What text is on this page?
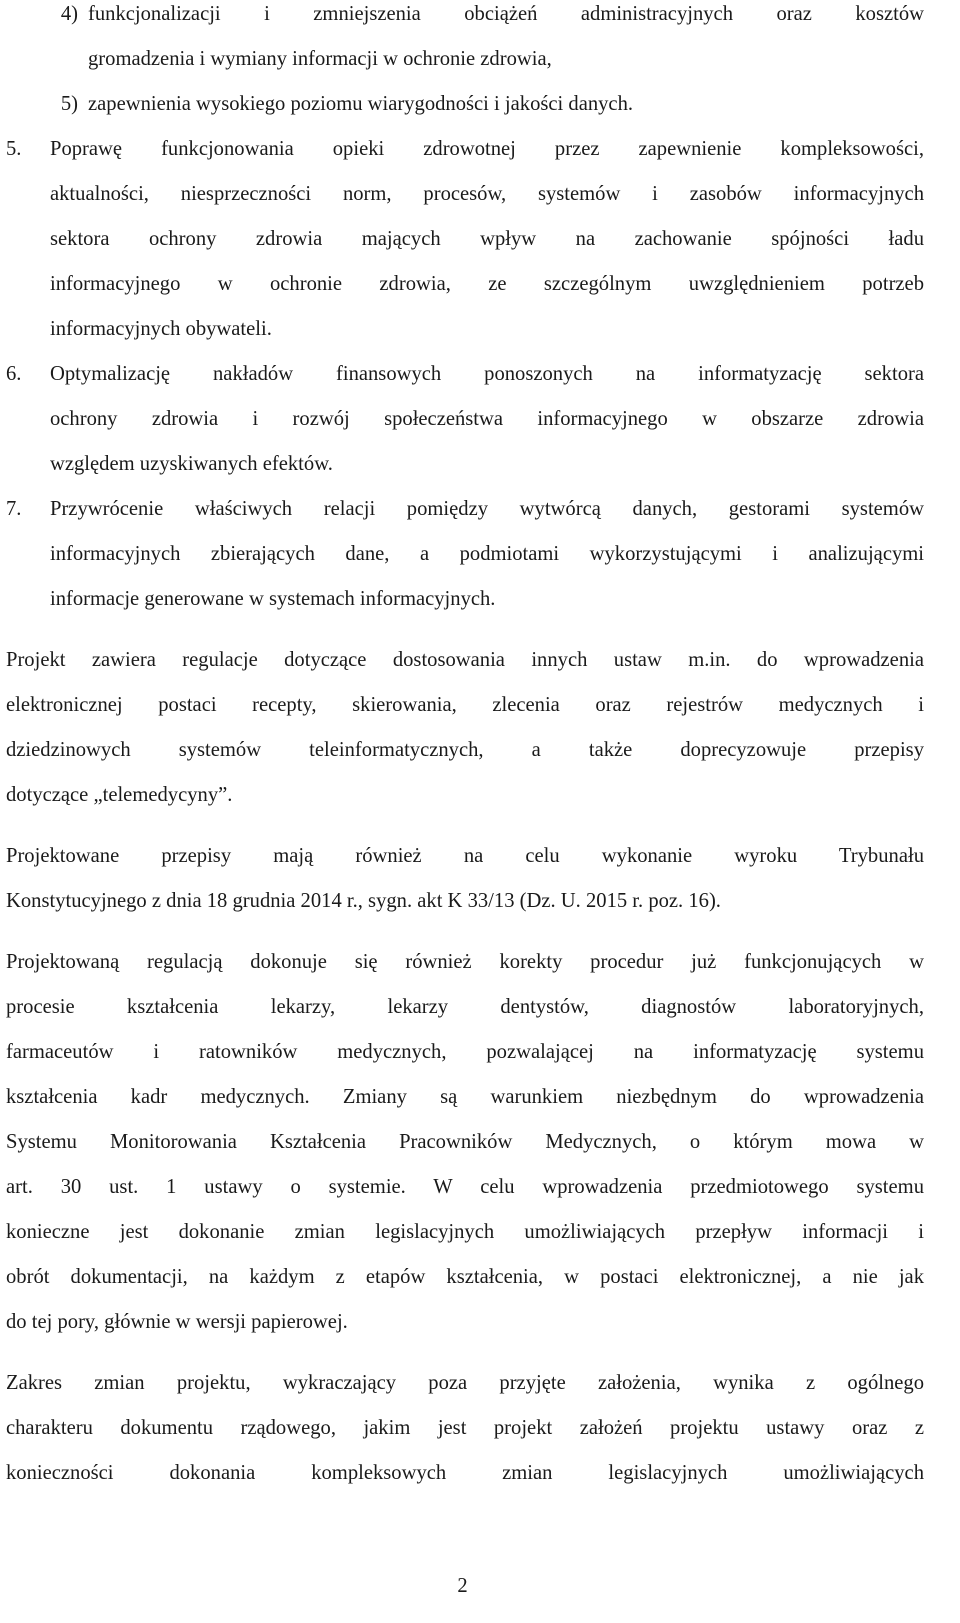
4) funkcjonalizacji i zmniejszenia obciążeń administracyjnych oraz kosztów
gromadzenia i wymiany informacji w ochronie zdrowia,
5) zapewnienia wysokiego poziomu wiarygodności i jakości danych.
5.	Poprawę funkcjonowania opieki zdrowotnej przez zapewnienie kompleksowości,
aktualności, niesprzeczności norm, procesów, systemów i zasobów informacyjnych
sektora ochrony zdrowia mających wpływ na zachowanie spójności ładu
informacyjnego w ochronie zdrowia, ze szczególnym uwzględnieniem potrzeb
informacyjnych obywateli.
6.	Optymalizację nakładów finansowych ponoszonych na informatyzację sektora
ochrony zdrowia i rozwój społeczeństwa informacyjnego w obszarze zdrowia
względem uzyskiwanych efektów.
7.	Przywrócenie właściwych relacji pomiędzy wytwórcą danych, gestorami systemów
informacyjnych zbierających dane, a podmiotami wykorzystującymi i analizującymi
informacje generowane w systemach informacyjnych.
Projekt zawiera regulacje dotyczące dostosowania innych ustaw m.in. do wprowadzenia
elektronicznej postaci recepty, skierowania, zlecenia oraz rejestrów medycznych i
dziedzinowych systemów teleinformatycznych, a także doprecyzowuje przepisy
dotyczące „telemedycyny”.
Projektowane przepisy mają również na celu wykonanie wyroku Trybunału
Konstytucyjnego z dnia 18 grudnia 2014 r., sygn. akt K 33/13 (Dz. U. 2015 r. poz. 16).
Projektowaną regulacją dokonuje się również korekty procedur już funkcjonujących w
procesie kształcenia lekarzy, lekarzy dentystów, diagnostów laboratoryjnych,
farmaceutów i ratowników medycznych, pozwalającej na informatyzację systemu
kształcenia kadr medycznych. Zmiany są warunkiem niezbędnym do wprowadzenia
Systemu Monitorowania Kształcenia Pracowników Medycznych, o którym mowa w
art. 30 ust. 1 ustawy o systemie. W celu wprowadzenia przedmiotowego systemu
konieczne jest dokonanie zmian legislacyjnych umożliwiających przepływ informacji i
obrót dokumentacji, na każdym z etapów kształcenia, w postaci elektronicznej, a nie jak
do tej pory, głównie w wersji papierowej.
Zakres zmian projektu, wykraczający poza przyjęte założenia, wynika z ogólnego
charakteru dokumentu rządowego, jakim jest projekt założeń projektu ustawy oraz z
konieczności dokonania kompleksowych zmian legislacyjnych umożliwiających
2
